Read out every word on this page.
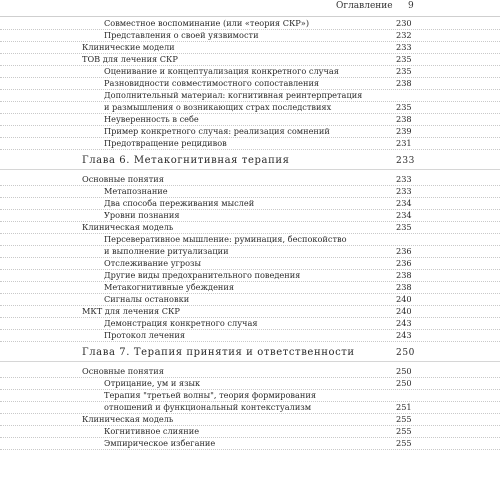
Оглавление 9
Совместное воспоминание (или «теория СКР»)	230
Представления о своей уязвимости	232
Клинические модели	233
ТОВ для лечения СКР	235
Оценивание и концептуализация конкретного случая	235
Разновидности совместимостного сопоставления	238
Дополнительный материал: когнитивная реинтерпретация
и размышления о возникающих страх последствиях	235
Неуверенность в себе	238
Пример конкретного случая: реализация сомнений	239
Предотвращение рецидивов	231
Глава 6. Метакогнитивная терапия	233
Основные понятия	233
Метапознание	233
Два способа переживания мыслей	234
Уровни познания	234
Клиническая модель	235
Персеверативное мышление: руминация, беспокойство
и выполнение ритуализации	236
Отслеживание угрозы	236
Другие виды предохранительного поведения	238
Метакогнитивные убеждения	238
Сигналы остановки	240
МКТ для лечения СКР	240
Демонстрация конкретного случая	243
Протокол лечения	243
Глава 7. Терапия принятия и ответственности	250
Основные понятия	250
Отрицание, ум и язык	250
Терапия "третьей волны", теория формирования
отношений и функциональный контекстуализм	251
Клиническая модель	255
Когнитивное слияние	255
Эмпирическое избегание	255
